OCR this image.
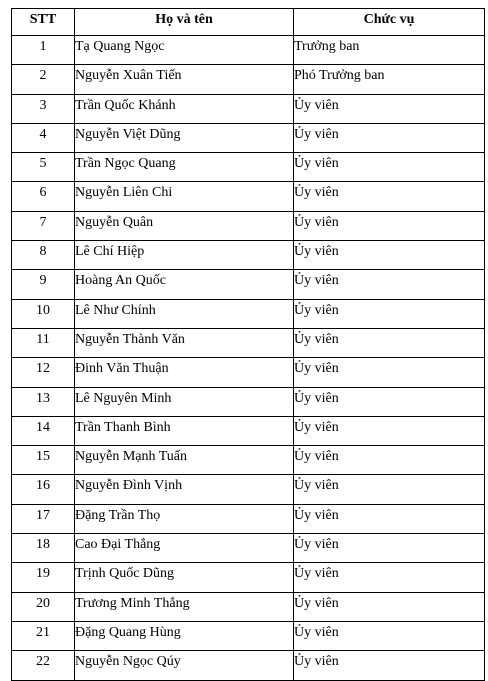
STT	Họ và tên	Chức vụ
1	Tạ Quang Ngọc	Trưởng ban
2	Nguyễn Xuân Tiến	Phó Trưởng ban
3	Trần Quốc Khánh	Ủy viên
4	Nguyễn Việt Dũng	Ủy viên
5	Trần Ngọc Quang	Ủy viên
6	Nguyễn Liên Chi	Ủy viên
7	Nguyễn Quân	Ủy viên
8	Lê Chí Hiệp	Ủy viên
9	Hoàng An Quốc	Ủy viên
10	Lê Như Chính	Ủy viên
11	Nguyễn Thành Văn	Ủy viên
12	Đinh Văn Thuận	Ủy viên
13	Lê Nguyên Minh	Ủy viên
14	Trần Thanh Bình	Ủy viên
15	Nguyễn Mạnh Tuấn	Ủy viên
16	Nguyễn Đình Vịnh	Ủy viên
17	Đặng Trần Thọ	Ủy viên
18	Cao Đại Thắng	Ủy viên
19	Trịnh Quốc Dũng	Ủy viên
20	Trương Minh Thắng	Ủy viên
21	Đặng Quang Hùng	Ủy viên
22	Nguyễn Ngọc Qúy	Ủy viên
